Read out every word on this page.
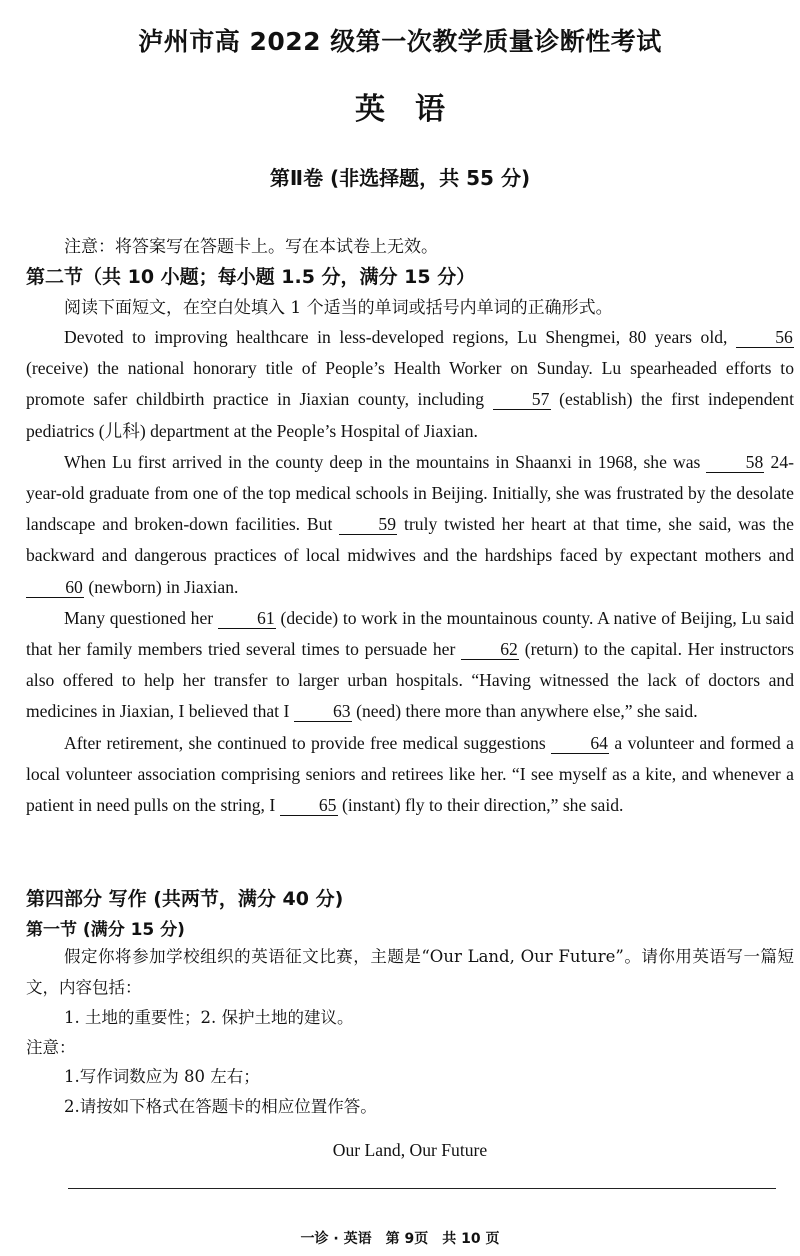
泸州市高 2022 级第一次教学质量诊断性考试
英语
第Ⅱ卷 (非选择题，共 55 分)
注意：将答案写在答题卡上。写在本试卷上无效。
第二节（共 10 小题；每小题 1.5 分，满分 15 分）
阅读下面短文，在空白处填入 1 个适当的单词或括号内单词的正确形式。

Devoted to improving healthcare in less-developed regions, Lu Shengmei, 80 years old, 56 (receive) the national honorary title of People’s Health Worker on Sunday. Lu spearheaded efforts to promote safer childbirth practice in Jiaxian county, including 57 (establish) the first independent pediatrics (儿科) department at the People’s Hospital of Jiaxian.

When Lu first arrived in the county deep in the mountains in Shaanxi in 1968, she was 58 24-year-old graduate from one of the top medical schools in Beijing. Initially, she was frustrated by the desolate landscape and broken-down facilities. But 59 truly twisted her heart at that time, she said, was the backward and dangerous practices of local midwives and the hardships faced by expectant mothers and 60 (newborn) in Jiaxian.

Many questioned her 61 (decide) to work in the mountainous county. A native of Beijing, Lu said that her family members tried several times to persuade her 62 (return) to the capital. Her instructors also offered to help her transfer to larger urban hospitals. “Having witnessed the lack of doctors and medicines in Jiaxian, I believed that I 63 (need) there more than anywhere else,” she said.

After retirement, she continued to provide free medical suggestions 64 a volunteer and formed a local volunteer association comprising seniors and retirees like her. “I see myself as a kite, and whenever a patient in need pulls on the string, I 65 (instant) fly to their direction,” she said.

第四部分 写作 (共两节，满分 40 分)
第一节 (满分 15 分)

假定你将参加学校组织的英语征文比赛，主题是“Our Land, Our Future”。请你用英语写一篇短文，内容包括：

1. 土地的重要性；2. 保护土地的建议。
注意：
1.写作词数应为 80 左右；
2.请按如下格式在答题卡的相应位置作答。
Our Land, Our Future
一诊 · 英语　第 9页　共 10 页
